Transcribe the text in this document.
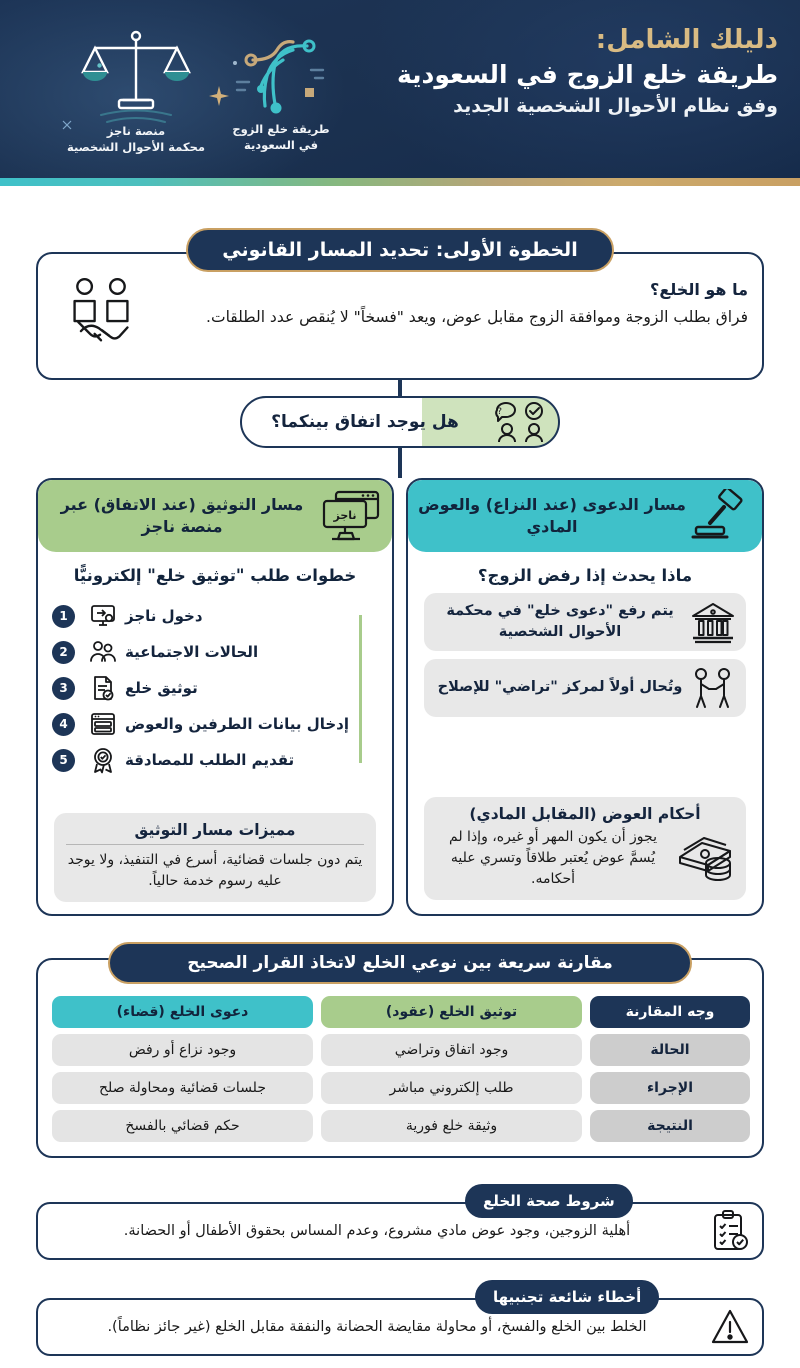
منصة ناجز
محكمة الأحوال الشخصية
طريقة خلع الزوج
في السعودية
دليلك الشامل:
طريقة خلع الزوج في السعودية
وفق نظام الأحوال الشخصية الجديد
الخطوة الأولى: تحديد المسار القانوني
ما هو الخلع؟
فراق بطلب الزوجة وموافقة الزوج مقابل عوض، ويعد "فسخاً" لا يُنقص عدد الطلقات.
?
هل يوجد اتفاق بينكما؟
ناجز
مسار التوثيق (عند الاتفاق) عبر منصة ناجز
خطوات طلب "توثيق خلع" إلكترونيًّا
دخول ناجز
1
الحالات الاجتماعية
2
توثيق خلع
3
إدخال بيانات الطرفين والعوض
4
تقديم الطلب للمصادقة
5
مميزات مسار التوثيق
يتم دون جلسات قضائية، أسرع في التنفيذ، ولا يوجد عليه رسوم خدمة حالياً.
مسار الدعوى (عند النزاع) والعوض المادي
ماذا يحدث إذا رفض الزوج؟
يتم رفع "دعوى خلع" في محكمة الأحوال الشخصية
وتُحال أولاً لمركز "تراضي" للإصلاح
أحكام العوض (المقابل المادي)
يجوز أن يكون المهر أو غيره، وإذا لم يُسمَّ عوض يُعتبر طلاقاً وتسري عليه أحكامه.
مقارنة سريعة بين نوعي الخلع لاتخاذ القرار الصحيح
وجه المقارنة
توثيق الخلع (عقود)
دعوى الخلع (قضاء)
الحالة
وجود اتفاق وتراضي
وجود نزاع أو رفض
الإجراء
طلب إلكتروني مباشر
جلسات قضائية ومحاولة صلح
النتيجة
وثيقة خلع فورية
حكم قضائي بالفسخ
شروط صحة الخلع
أهلية الزوجين، وجود عوض مادي مشروع، وعدم المساس بحقوق الأطفال أو الحضانة.
أخطاء شائعة تجنبيها
الخلط بين الخلع والفسخ، أو محاولة مقايضة الحضانة والنفقة مقابل الخلع (غير جائز نظاماً).
